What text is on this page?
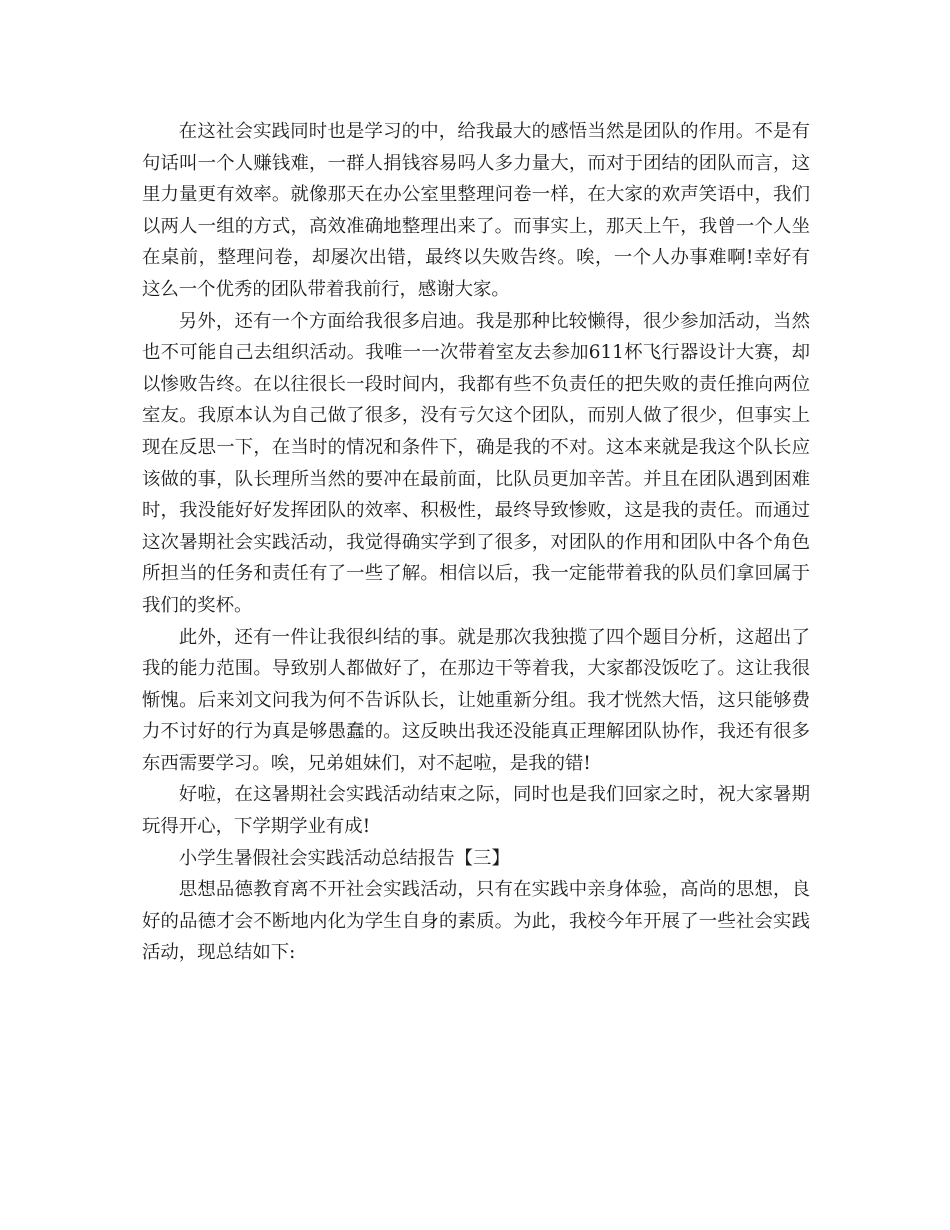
在这社会实践同时也是学习的中，给我最大的感悟当然是团队的作用。不是有句话叫一个人赚钱难，一群人捐钱容易吗人多力量大，而对于团结的团队而言，这里力量更有效率。就像那天在办公室里整理问卷一样，在大家的欢声笑语中，我们以两人一组的方式，高效准确地整理出来了。而事实上，那天上午，我曾一个人坐在桌前，整理问卷，却屡次出错，最终以失败告终。唉，一个人办事难啊!幸好有这么一个优秀的团队带着我前行，感谢大家。

另外，还有一个方面给我很多启迪。我是那种比较懒得，很少参加活动，当然也不可能自己去组织活动。我唯一一次带着室友去参加611杯飞行器设计大赛，却以惨败告终。在以往很长一段时间内，我都有些不负责任的把失败的责任推向两位室友。我原本认为自己做了很多，没有亏欠这个团队，而别人做了很少，但事实上现在反思一下，在当时的情况和条件下，确是我的不对。这本来就是我这个队长应该做的事，队长理所当然的要冲在最前面，比队员更加辛苦。并且在团队遇到困难时，我没能好好发挥团队的效率、积极性，最终导致惨败，这是我的责任。而通过这次暑期社会实践活动，我觉得确实学到了很多，对团队的作用和团队中各个角色所担当的任务和责任有了一些了解。相信以后，我一定能带着我的队员们拿回属于我们的奖杯。

此外，还有一件让我很纠结的事。就是那次我独揽了四个题目分析，这超出了我的能力范围。导致别人都做好了，在那边干等着我，大家都没饭吃了。这让我很惭愧。后来刘文问我为何不告诉队长，让她重新分组。我才恍然大悟，这只能够费力不讨好的行为真是够愚蠢的。这反映出我还没能真正理解团队协作，我还有很多东西需要学习。唉，兄弟姐妹们，对不起啦，是我的错!

好啦，在这暑期社会实践活动结束之际，同时也是我们回家之时，祝大家暑期玩得开心，下学期学业有成!

小学生暑假社会实践活动总结报告【三】

思想品德教育离不开社会实践活动，只有在实践中亲身体验，高尚的思想，良好的品德才会不断地内化为学生自身的素质。为此，我校今年开展了一些社会实践活动，现总结如下:
